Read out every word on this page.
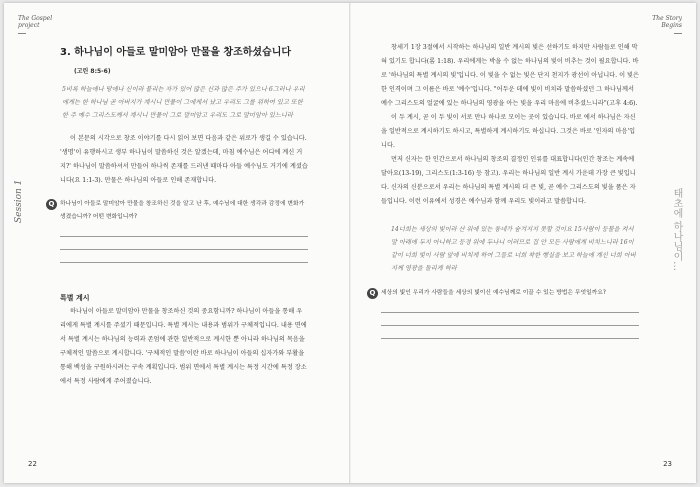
The Gospel
project
Session 1
22
3. 하나님이 아들로 말미암아 만물을 창조하셨습니다
(고린 8:5-6)
5비록 하늘에나 땅에나 신이라 불리는 자가 있어 많은 신과 많은 주가 있으나 6그러나 우리에게는 한 하나님 곧 아버지가 계시니 만물이 그에게서 났고 우리도 그를 위하여 있고 또한 한 주 예수 그리스도께서 계시니 만물이 그로 말미암고 우리도 그로 말미암아 있느니라

이 본문의 시각으로 창조 이야기를 다시 읽어 보면 다음과 같은 위로가 생길 수 있습니다. '생명'이 유행하시고 생부 하나님이 말씀하신 것은 알겠는데, 마침 예수님은 어디에 계신 거지?' 하나님이 말씀하셔서 만들어 하나씩 존재를 드러낸 때마다 아들 예수님도 거기에 계셨습니다(요 1:1-3). 만물은 하나님의 아들로 인해 존재합니다.

Q 하나님이 아들로 말미암아 만물을 창조하신 것을 알고 난 후, 예수님에 대한 생각과 감정에 변화가 생겼습니까? 어떤 변화입니까?

특별 계시

하나님이 아들로 말미암아 만물을 창조하신 것의 중요함니까? 하나님이 아들을 통해 우리에게 특별 계시를 주셨기 때문입니다. 특별 계시는 내용과 범위가 구체적입니다. 내용 면에서 특별 계시는 하나님의 능력과 존엄에 관한 일반적으로 계시한 뿐 아니라 하나님의 목음을 구체적인 말씀으로 계시합니다. '구체적인 말씀'이란 바로 하나님이 아들의 십자가와 부활을 통해 백성을 구원하시려는 구속 계획입니다. 범위 면에서 특별 계시는 특정 시간에 특정 장소에서 특정 사람에게 주어졌습니다.

The Story
Begins
태초에 하나님이…
23

창세기 1장 3절에서 시작하는 하나님의 일반 계시의 빛은 선하기도 하지만 사람들로 인해 막혀 있기도 합니다(롬 1:18). 우리에게는 박을 수 없는 하나님의 빛이 비추는 것이 필요합니다. 바로 '하나님의 특별 계시의 빛'입니다. 이 빛을 수 없는 빛은 단지 천지가 광선이 아닙니다. 이 빛은 한 인격이며 그 이름은 바로 '예수'입니다. "어두운 데에 빛이 비치라 말씀하셨던 그 하나님께서 예수 그리스도의 얼굴에 있는 하나님의 영광을 아는 빛을 우리 마음에 비추셨느니라"(고후 4:6).

이 두 계시, 곧 이 두 빛이 서로 만나 하나로 모이는 곳이 있습니다. 바로 에서 하나님은 자신을 일반적으로 계시하기도 하시고, 특별하게 계시하기도 하십니다. 그것은 바로 '인자의 마음'입니다.

먼저 신자는 한 인간으로서 하나님의 창조의 결정인 인류를 대표합니다(인간 창조는 계속에 달아요(13-19), 그리스도(1:3-16) 등 참고). 우리는 하나님의 일반 계시 가운데 가장 큰 빛입니다. 신자의 신분으로서 우리는 하나님의 특별 계시의 더 큰 빛, 곧 예수 그리스도의 빛을 품은 자들입니다. 이런 이유에서 성경은 예수님과 함께 우리도 빛이라고 말씀합니다.

14너희는 세상의 빛이라 산 위에 있는 동네가 숨겨지지 못할 것이요 15사람이 등불을 켜서 말 아래에 두지 아니하고 등경 위에 두나니 이러므로 집 안 모든 사람에게 비치느니라 16이같이 너희 빛이 사람 앞에 비치게 하여 그들로 너희 착한 행실을 보고 하늘에 계신 너희 아버지께 영광을 돌리게 하라
Q 세상의 빛인 우리가 사람들을 세상의 빛이신 예수님께로 이끌 수 있는 방법은 무엇일까요?
